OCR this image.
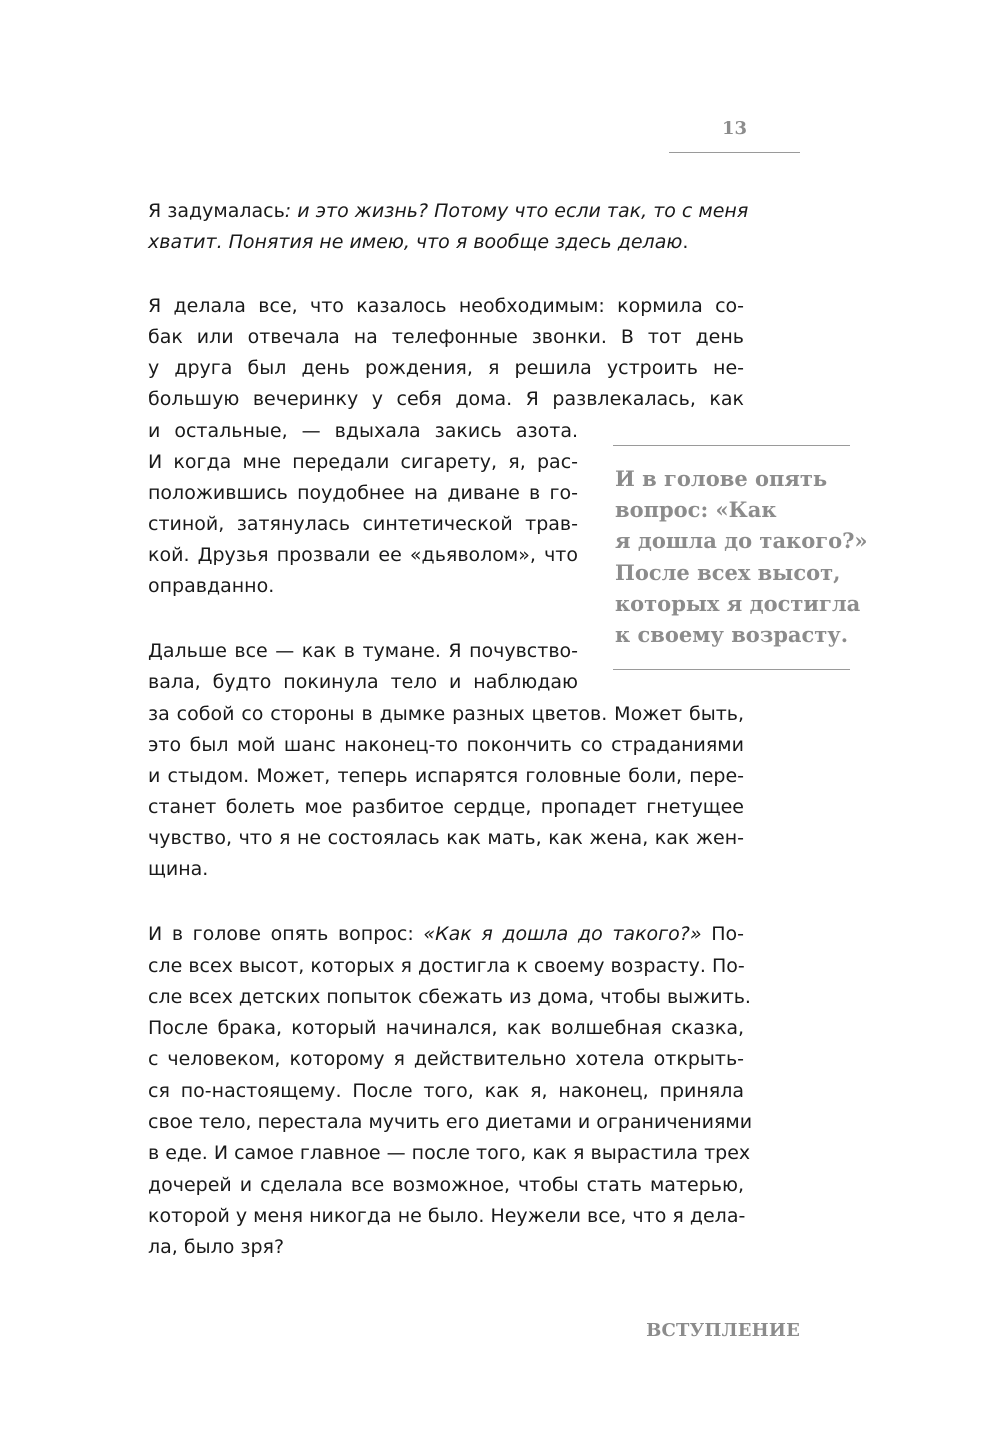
13
Я задумалась: и это жизнь? Потому что если так, то с меня
хватит. Понятия не имею, что я вообще здесь делаю.
Я делала все, что казалось необходимым: кормила со-
бак или отвечала на телефонные звонки. В тот день
у друга был день рождения, я решила устроить не-
большую вечеринку у себя дома. Я развлекалась, как
и остальные, — вдыхала закись азота.
И когда мне передали сигарету, я, рас-
положившись поудобнее на диване в го-
стиной, затянулась синтетической трав-
кой. Друзья прозвали ее «дьяволом», что
оправданно.
Дальше все — как в тумане. Я почувство-
вала, будто покинула тело и наблюдаю
за собой со стороны в дымке разных цветов. Может быть,
это был мой шанс наконец-то покончить со страданиями
и стыдом. Может, теперь испарятся головные боли, пере-
станет болеть мое разбитое сердце, пропадет гнетущее
чувство, что я не состоялась как мать, как жена, как жен-
щина.
И в голове опять вопрос: «Как я дошла до такого?» По-
сле всех высот, которых я достигла к своему возрасту. По-
сле всех детских попыток сбежать из дома, чтобы выжить.
После брака, который начинался, как волшебная сказка,
с человеком, которому я действительно хотела открыть-
ся по-настоящему. После того, как я, наконец, приняла
свое тело, перестала мучить его диетами и ограничениями
в еде. И самое главное — после того, как я вырастила трех
дочерей и сделала все возможное, чтобы стать матерью,
которой у меня никогда не было. Неужели все, что я дела-
ла, было зря?
И в голове опять
вопрос: «Как
я дошла до такого?»
После всех высот,
которых я достигла
к своему возрасту.
ВСТУПЛЕНИЕ
